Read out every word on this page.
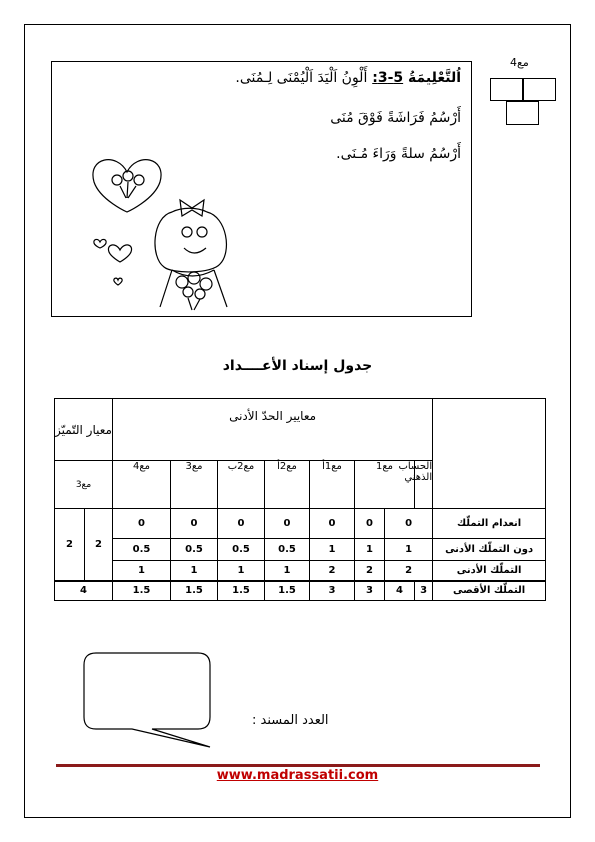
مع4
اُلتَّعْلِيمَةُ 5-3: أَلْوِنُ اَلْيَدَ اَلْيُمْنَى لِـمُنَى.
أَرْسُمُ فَرَاشَةً فَوْقَ مُنَى
أَرْسُمُ سلةً وَرَاءَ مُـنَى.
جدول إسناد الأعــــداد
معيار التّميّز		معايير الحدّ الأدنى								
مع3		مع4	مع3	مع2ب	مع2أ	مع1أ	مع1		الحساب الذهني	
2	2	0	0	0	0	0	0	0		انعدام التملّك
		0.5	0.5	0.5	0.5	1	1	1		دون التملّك الأدنى
		1	1	1	1	2	2	2		التملّك الأدنى
4		1.5	1.5	1.5	1.5	3	3	4	3	التملّك الأقصى
العدد المسند :
www.madrassatii.com
